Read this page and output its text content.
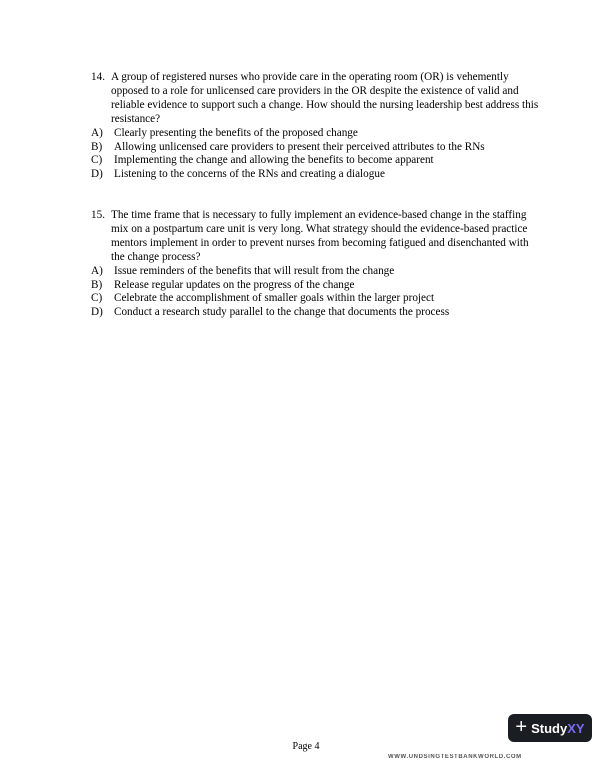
14. A group of registered nurses who provide care in the operating room (OR) is vehemently opposed to a role for unlicensed care providers in the OR despite the existence of valid and reliable evidence to support such a change. How should the nursing leadership best address this resistance?
A) Clearly presenting the benefits of the proposed change
B)	Allowing unlicensed care providers to present their perceived attributes to the RNs
C)	Implementing the change and allowing the benefits to become apparent
D) Listening to the concerns of the RNs and creating a dialogue
15. The time frame that is necessary to fully implement an evidence-based change in the staffing mix on a postpartum care unit is very long. What strategy should the evidence-based practice mentors implement in order to prevent nurses from becoming fatigued and disenchanted with the change process?
A) Issue reminders of the benefits that will result from the change
B)	Release regular updates on the progress of the change
C)	Celebrate the accomplishment of smaller goals within the larger project
D) Conduct a research study parallel to the change that documents the process
+ Study XY
Page 4
WWW.UNDSINGTESTBANKWORLD.COM
